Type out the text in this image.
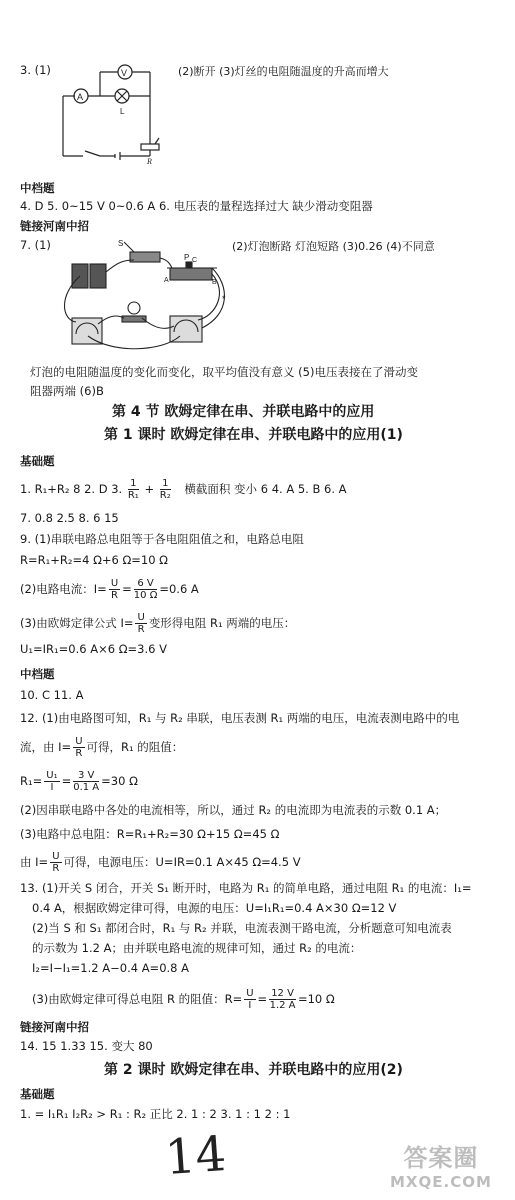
3. (1)
A
V
L
R
(2)断开 (3)灯丝的电阻随温度的升高而增大
中档题
4. D 5. 0~15 V 0~0.6 A 6. 电压表的量程选择过大 缺少滑动变阻器
链接河南中招
7. (1)	(2)灯泡断路 灯泡短路 (3)0.26 (4)不同意
S
P
A	B
C
*
灯泡的电阻随温度的变化而变化，取平均值没有意义 (5)电压表接在了滑动变
阻器两端 (6)B
第 4 节 欧姆定律在串、并联电路中的应用
第 1 课时 欧姆定律在串、并联电路中的应用(1)
基础题
1. R₁+R₂ 8 2. D 3. $\frac{1}{\text{R₁}} + \frac{1}{\text{R₂}}$ 横截面积 变小 6 4. A 5. B 6. A
7. 0.8 2.5 8. 6 15
9. (1)串联电路总电阻等于各电阻阻值之和，电路总电阻
R=R₁+R₂=4 Ω+6 Ω=10 Ω
(2)电路电流：$I= \frac{U}{R} = \frac{6 V}{10 \Omega} =0.6$ A
(3)由欧姆定律公式 $I= \frac{U}{R}$ 变形得电阻 R₁ 两端的电压：
U₁=IR₁=0.6 A×6 Ω=3.6 V
中档题
10. C 11. A
12. (1)由电路图可知，R₁ 与 R₂ 串联，电压表测 R₁ 两端的电压，电流表测电路中的电
流，由 $I= \frac{U}{R}$ 可得，R₁ 的阻值：
$R_1= \frac{\text{U₁}}{I} = \frac{3 V}{0.1 A} =30$ Ω
(2)因串联电路中各处的电流相等，所以，通过 R₂ 的电流即为电流表的示数 0.1 A；
(3)电路中总电阻：R=R₁+R₂=30 Ω+15 Ω=45 Ω
由 $I= \frac{U}{R}$ 可得，电源电压：U=IR=0.1 A×45 Ω=4.5 V
13. (1)开关 S 闭合，开关 S₁ 断开时，电路为 R₁ 的简单电路，通过电阻 R₁ 的电流：I₁=
0.4 A，根据欧姆定律可得，电源的电压：U=I₁R₁=0.4 A×30 Ω=12 V
(2)当 S 和 S₁ 都闭合时，R₁ 与 R₂ 并联，电流表测干路电流，分析题意可知电流表
的示数为 1.2 A；由并联电路电流的规律可知，通过 R₂ 的电流：
I₂=I−I₁=1.2 A−0.4 A=0.8 A
(3)由欧姆定律可得总电阻 R 的阻值：$R= \frac{U}{I} = \frac{12 V}{1.2 A} =10$ Ω
链接河南中招
14. 15 1.33 15. 变大 80
第 2 课时 欧姆定律在串、并联电路中的应用(2)
基础题
1. = I₁R₁ I₂R₂ > R₁ : R₂ 正比 2. 1 : 2 3. 1 : 1 2 : 1
14	答案圈
MXQE.COM
